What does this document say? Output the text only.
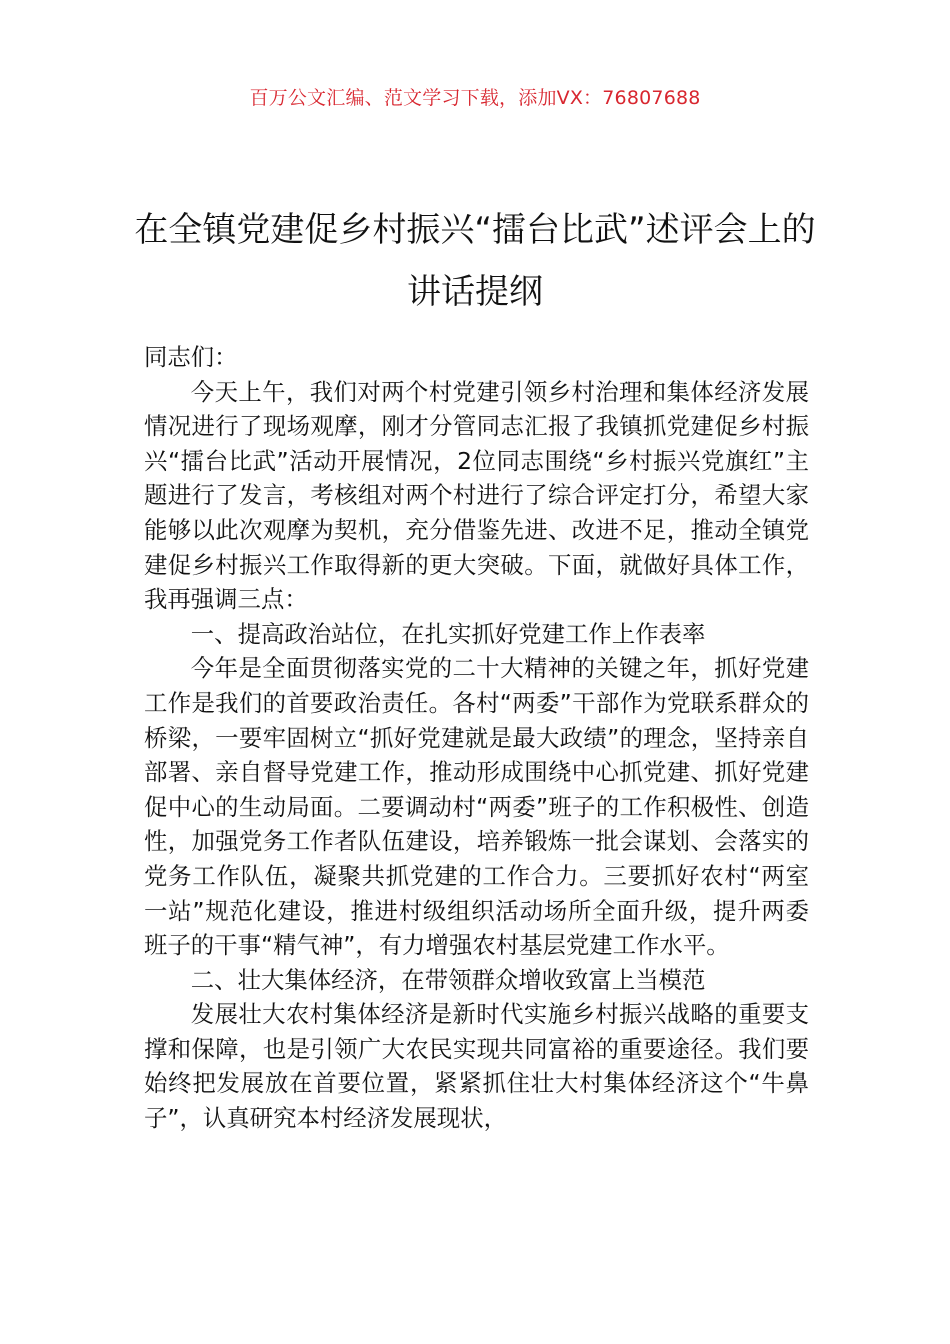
百万公文汇编、范文学习下载，添加VX：76807688
在全镇党建促乡村振兴“擂台比武”述评会上的讲话提纲

同志们：

今天上午，我们对两个村党建引领乡村治理和集体经济发展情况进行了现场观摩，刚才分管同志汇报了我镇抓党建促乡村振兴“擂台比武”活动开展情况，2位同志围绕“乡村振兴党旗红”主题进行了发言，考核组对两个村进行了综合评定打分，希望大家能够以此次观摩为契机，充分借鉴先进、改进不足，推动全镇党建促乡村振兴工作取得新的更大突破。下面，就做好具体工作，我再强调三点：

一、提高政治站位，在扎实抓好党建工作上作表率

今年是全面贯彻落实党的二十大精神的关键之年，抓好党建工作是我们的首要政治责任。各村“两委”干部作为党联系群众的桥梁，一要牢固树立“抓好党建就是最大政绩”的理念，坚持亲自部署、亲自督导党建工作，推动形成围绕中心抓党建、抓好党建促中心的生动局面。二要调动村“两委”班子的工作积极性、创造性，加强党务工作者队伍建设，培养锻炼一批会谋划、会落实的党务工作队伍，凝聚共抓党建的工作合力。三要抓好农村“两室一站”规范化建设，推进村级组织活动场所全面升级，提升两委班子的干事“精气神”，有力增强农村基层党建工作水平。

二、壮大集体经济，在带领群众增收致富上当模范

发展壮大农村集体经济是新时代实施乡村振兴战略的重要支撑和保障，也是引领广大农民实现共同富裕的重要途径。我们要始终把发展放在首要位置，紧紧抓住壮大村集体经济这个“牛鼻子”，认真研究本村经济发展现状，
